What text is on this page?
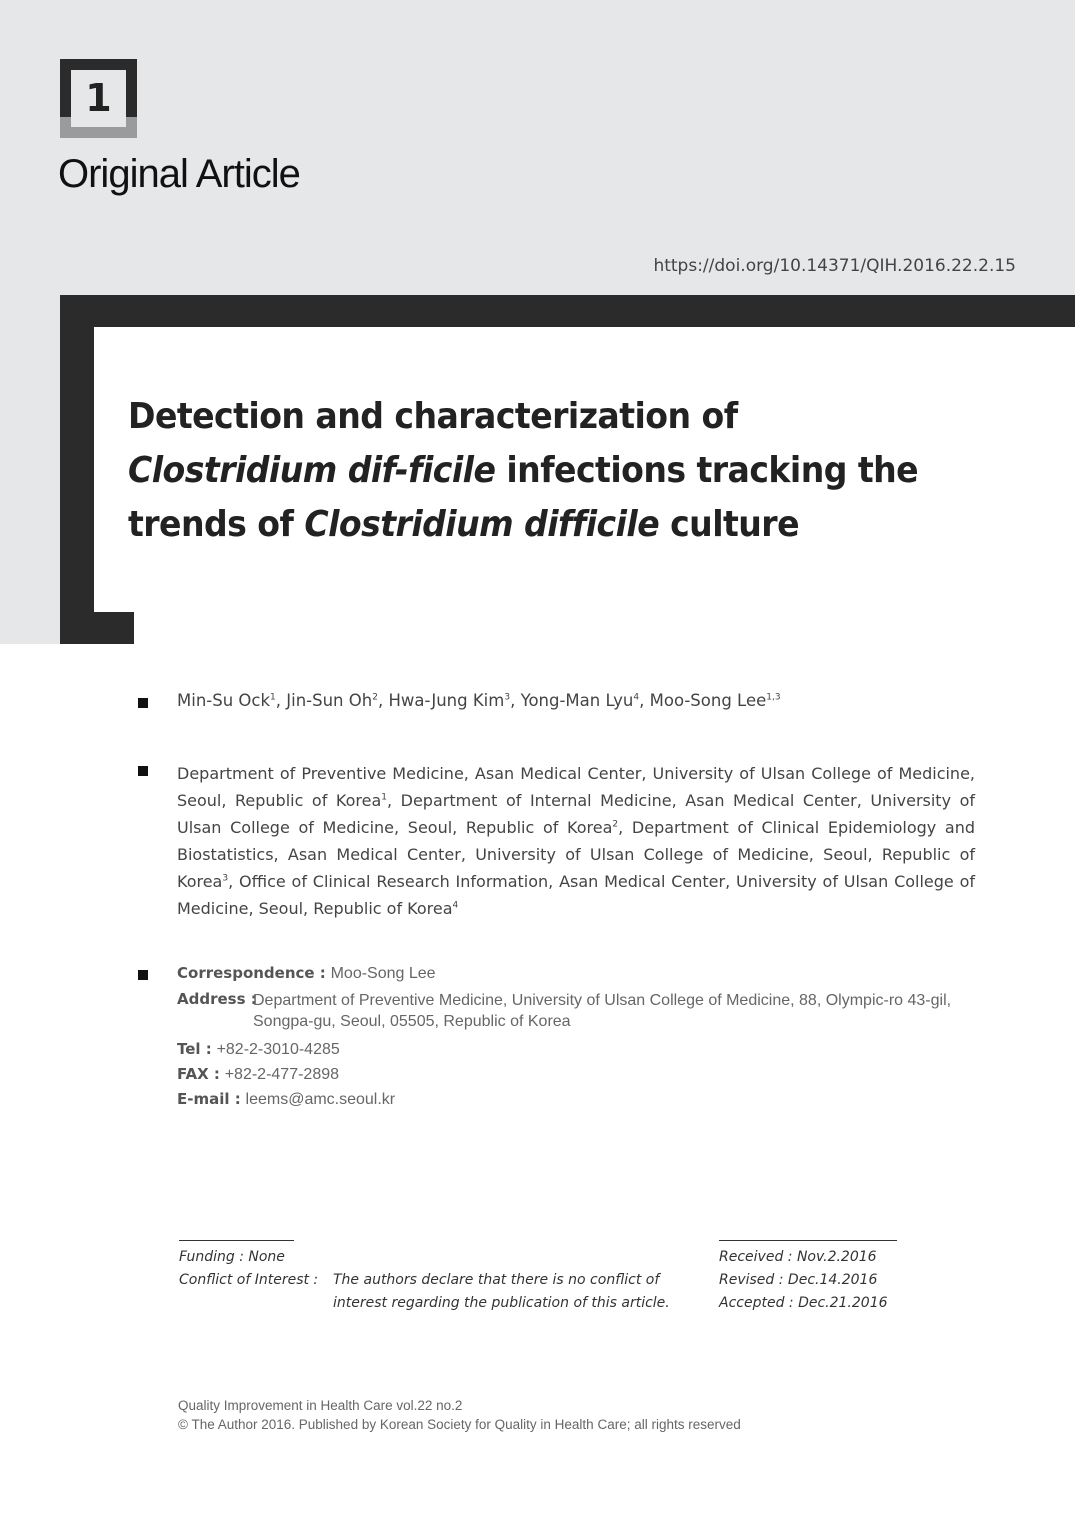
1
Original Article
https://doi.org/10.14371/QIH.2016.22.2.15
Detection and characterization of Clostridium dif-ficile infections tracking the trends of Clostridium difficile culture
Min-Su Ock$^1$, Jin-Sun Oh$^2$, Hwa-Jung Kim$^3$, Yong-Man Lyu$^4$, Moo-Song Lee$^{1,3}$

Department of Preventive Medicine, Asan Medical Center, University of Ulsan College of Medicine, Seoul, Republic of Korea$^1$, Department of Internal Medicine, Asan Medical Center, University of Ulsan College of Medicine, Seoul, Republic of Korea$^2$, Department of Clinical Epidemiology and Biostatistics, Asan Medical Center, University of Ulsan College of Medicine, Seoul, Republic of Korea$^3$, Office of Clinical Research Information, Asan Medical Center, University of Ulsan College of Medicine, Seoul, Republic of Korea$^4$

Correspondence : Moo-Song Lee
Address :

Department of Preventive Medicine, University of Ulsan College of Medicine, 88, Olympic-ro 43-gil, Songpa-gu, Seoul, 05505, Republic of Korea

Tel : +82-2-3010-4285
FAX : +82-2-477-2898
E-mail : leems@amc.seoul.kr
Funding : None
Conflict of Interest : The authors declare that there is no conflict of
interest regarding the publication of this article.
Received : Nov.2.2016
Revised : Dec.14.2016
Accepted : Dec.21.2016
Quality Improvement in Health Care vol.22 no.2
© The Author 2016. Published by Korean Society for Quality in Health Care; all rights reserved
